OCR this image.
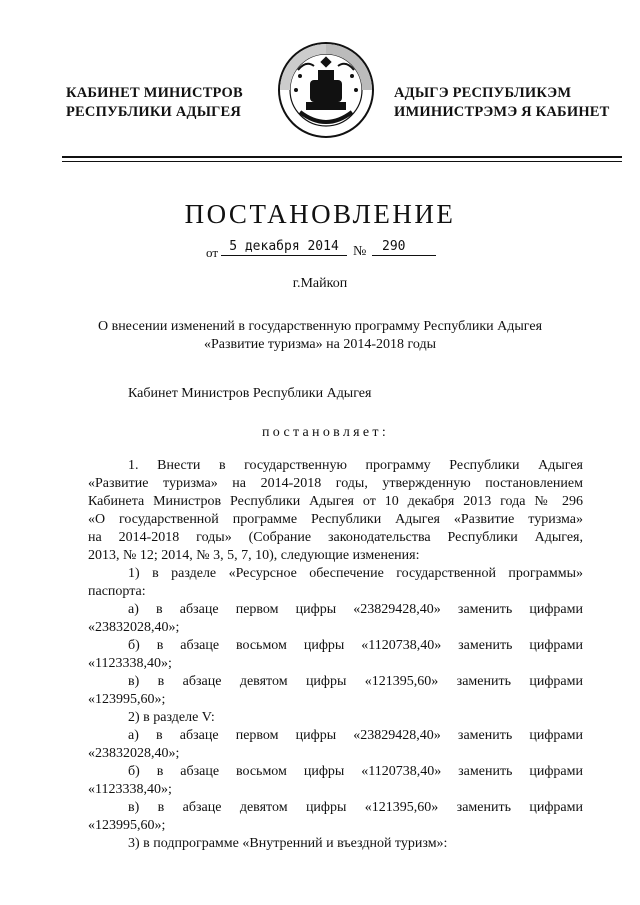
КАБИНЕТ МИНИСТРОВ
РЕСПУБЛИКИ АДЫГЕЯ
АДЫГЭ РЕСПУБЛИКЭМ
ИМИНИСТРЭМЭ Я КАБИНЕТ
ПОСТАНОВЛЕНИЕ
от 5 декабря 2014	№	290
г.Майкоп
О внесении изменений в государственную программу Республики Адыгея
«Развитие туризма» на 2014-2018 годы
Кабинет Министров Республики Адыгея
постановляет:
1. Внести в государственную программу Республики Адыгея
«Развитие туризма» на 2014-2018 годы, утвержденную постановлением
Кабинета Министров Республики Адыгея от 10 декабря 2013 года № 296
«О государственной программе Республики Адыгея «Развитие туризма»
на 2014-2018 годы» (Собрание законодательства Республики Адыгея,
2013, № 12; 2014, № 3, 5, 7, 10), следующие изменения:
1) в разделе «Ресурсное обеспечение государственной программы»
паспорта:
а) в абзаце первом цифры «23829428,40» заменить цифрами
«23832028,40»;
б) в абзаце восьмом цифры «1120738,40» заменить цифрами
«1123338,40»;
в) в абзаце девятом цифры «121395,60» заменить цифрами
«123995,60»;
2) в разделе V:
а) в абзаце первом цифры «23829428,40» заменить цифрами
«23832028,40»;
б) в абзаце восьмом цифры «1120738,40» заменить цифрами
«1123338,40»;
в) в абзаце девятом цифры «121395,60» заменить цифрами
«123995,60»;
3) в подпрограмме «Внутренний и въездной туризм»:
